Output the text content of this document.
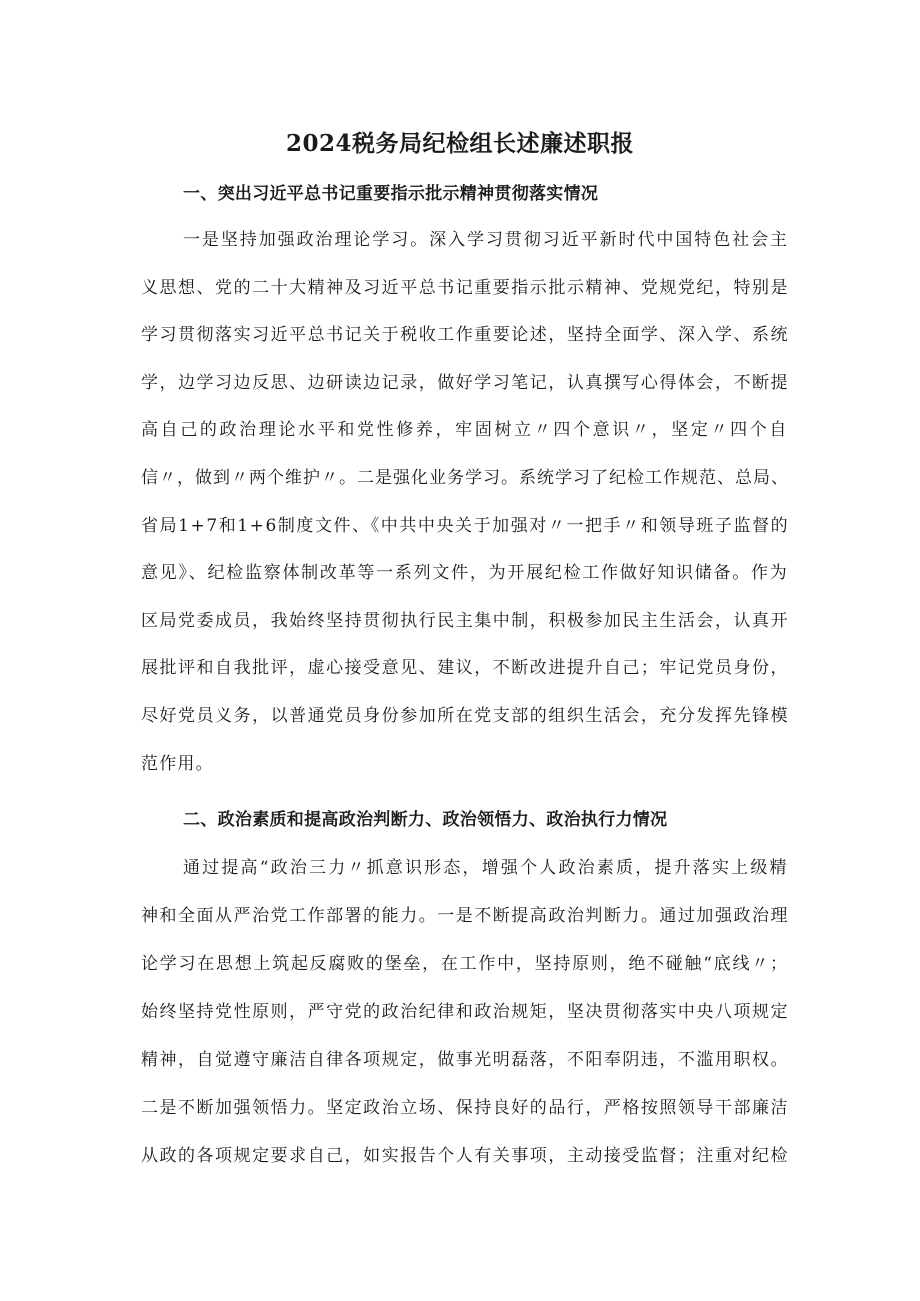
2024税务局纪检组长述廉述职报
一、突出习近平总书记重要指示批示精神贯彻落实情况
一是坚持加强政治理论学习。深入学习贯彻习近平新时代中国特色社会主
义思想、党的二十大精神及习近平总书记重要指示批示精神、党规党纪，特别是
学习贯彻落实习近平总书记关于税收工作重要论述，坚持全面学、深入学、系统
学，边学习边反思、边研读边记录，做好学习笔记，认真撰写心得体会，不断提
高自己的政治理论水平和党性修养，牢固树立〃四个意识〃，坚定〃四个自
信〃，做到〃两个维护〃。二是强化业务学习。系统学习了纪检工作规范、总局、
省局1+7和1+6制度文件、《中共中央关于加强对〃一把手〃和领导班子监督的
意见》、纪检监察体制改革等一系列文件，为开展纪检工作做好知识储备。作为
区局党委成员，我始终坚持贯彻执行民主集中制，积极参加民主生活会，认真开
展批评和自我批评，虚心接受意见、建议，不断改进提升自己；牢记党员身份，
尽好党员义务，以普通党员身份参加所在党支部的组织生活会，充分发挥先锋模
范作用。
二、政治素质和提高政治判断力、政治领悟力、政治执行力情况
通过提高“政治三力〃抓意识形态，增强个人政治素质，提升落实上级精
神和全面从严治党工作部署的能力。一是不断提高政治判断力。通过加强政治理
论学习在思想上筑起反腐败的堡垒，在工作中，坚持原则，绝不碰触“底线〃；
始终坚持党性原则，严守党的政治纪律和政治规矩，坚决贯彻落实中央八项规定
精神，自觉遵守廉洁自律各项规定，做事光明磊落，不阳奉阴违，不滥用职权。
二是不断加强领悟力。坚定政治立场、保持良好的品行，严格按照领导干部廉洁
从政的各项规定要求自己，如实报告个人有关事项，主动接受监督；注重对纪检
